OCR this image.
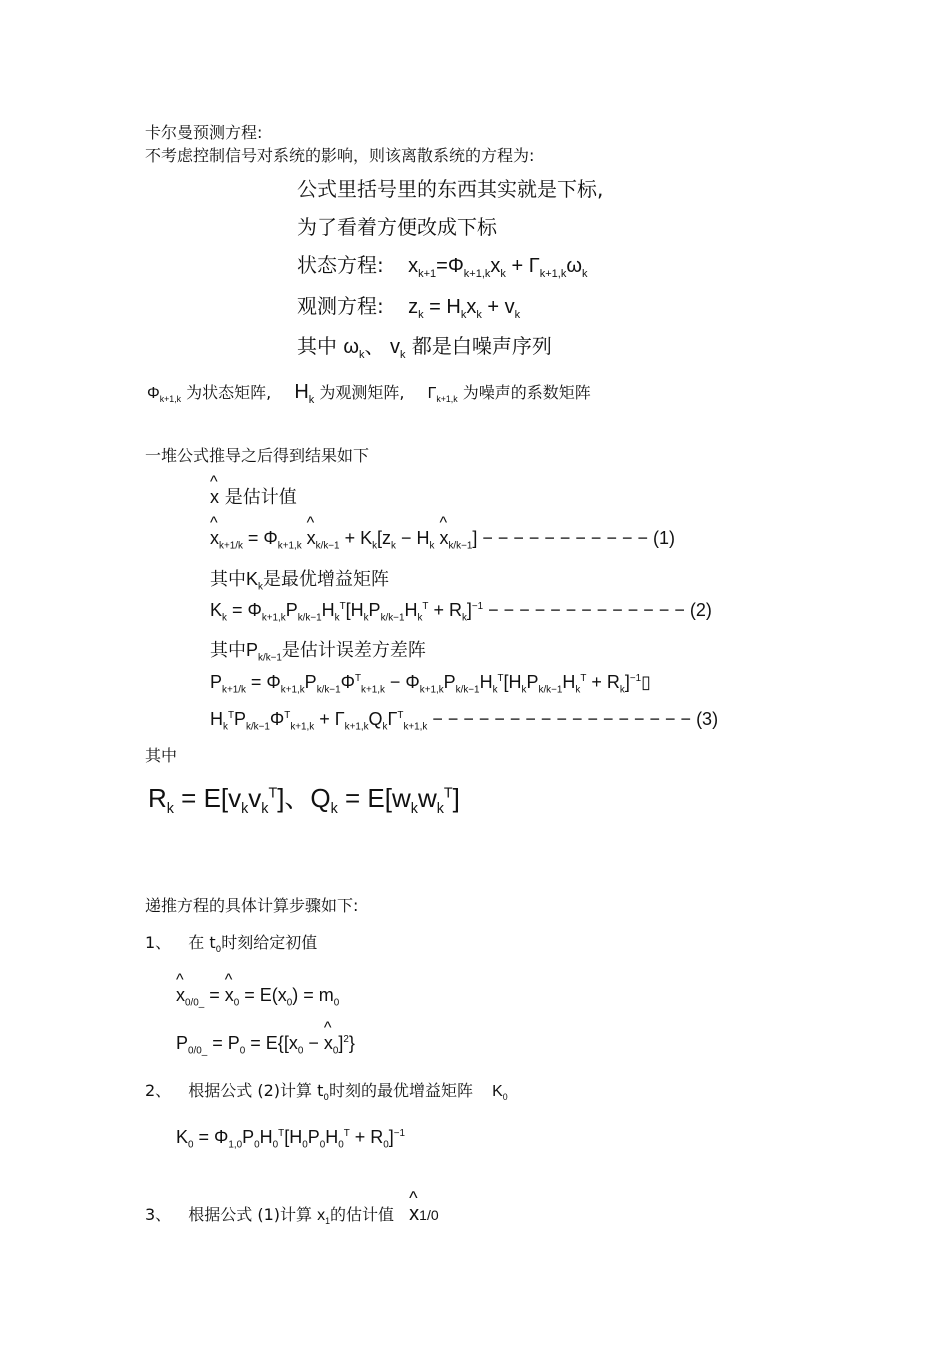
卡尔曼预测方程:
不考虑控制信号对系统的影响，则该离散系统的方程为:
公式里括号里的东西其实就是下标,
为了看着方便改成下标
状态方程: $x_{k+1}=\Phi_{k+1,k}x_k + \Gamma_{k+1,k}\omega_k$
观测方程: $z_k = H_kx_k + v_k$
其中 $\omega_k$、 $v_k$ 都是白噪声序列
$\Phi_{k+1,k}$ 为状态矩阵, $H_k$ 为观测矩阵, $\Gamma_{k+1,k}$ 为噪声的系数矩阵
一堆公式推导之后得到结果如下
^ x 是估计值
^ $x_{k+1/k} = \Phi_{k+1,k}$ ^ $x_{k/k-1} + K_k[z_k - H_k$ ^ $x_{k/k-1}$] − − − − − − − − − − − (1)
其中$K_k$是最优增益矩阵
$K_k = \Phi_{k+1,k}P_{k/k-1}H_k^T[H_kP_{k/k-1}H_k^T + R_k]^{-1}$ − − − − − − − − − − − − − (2)
其中$P_{k/k-1}$是估计误差方差阵
$P_{k+1/k} = \Phi_{k+1,k}P_{k/k-1}\Phi^T_{k+1,k} - \Phi_{k+1,k}P_{k/k-1}H_k^T[H_kP_{k/k-1}H_k^T$ + $R_k]^{-1}▯$
$H_k^TP_{k/k-1}\Phi^T_{k+1,k} + \Gamma_{k+1,k}Q_k\Gamma^T_{k+1,k}$ − − − − − − − − − − − − − − − − − (3)
其中
$R_k = E[v_kv_k^T]$、$Q_k = E[w_kw_k^T]$
递推方程的具体计算步骤如下:
1、 在 $t_0$时刻给定初值
^ $x_{0/0\_}$ = ^ $x_0 = E(x_0) = m_0$
$P_{0/0\_} = P_0 = E\{[x_0$ − ^ $x_0]^2$}
2、 根据公式 (2)计算 $t_0$时刻的最优增益矩阵 $K_0$
$K_0 = \Phi_{1,0}P_0H_0^T[H_0P_0H_0^T + R_0]^{-1}$
3、 根据公式 (1)计算 $x_1$的估计值 ^ x1/0
